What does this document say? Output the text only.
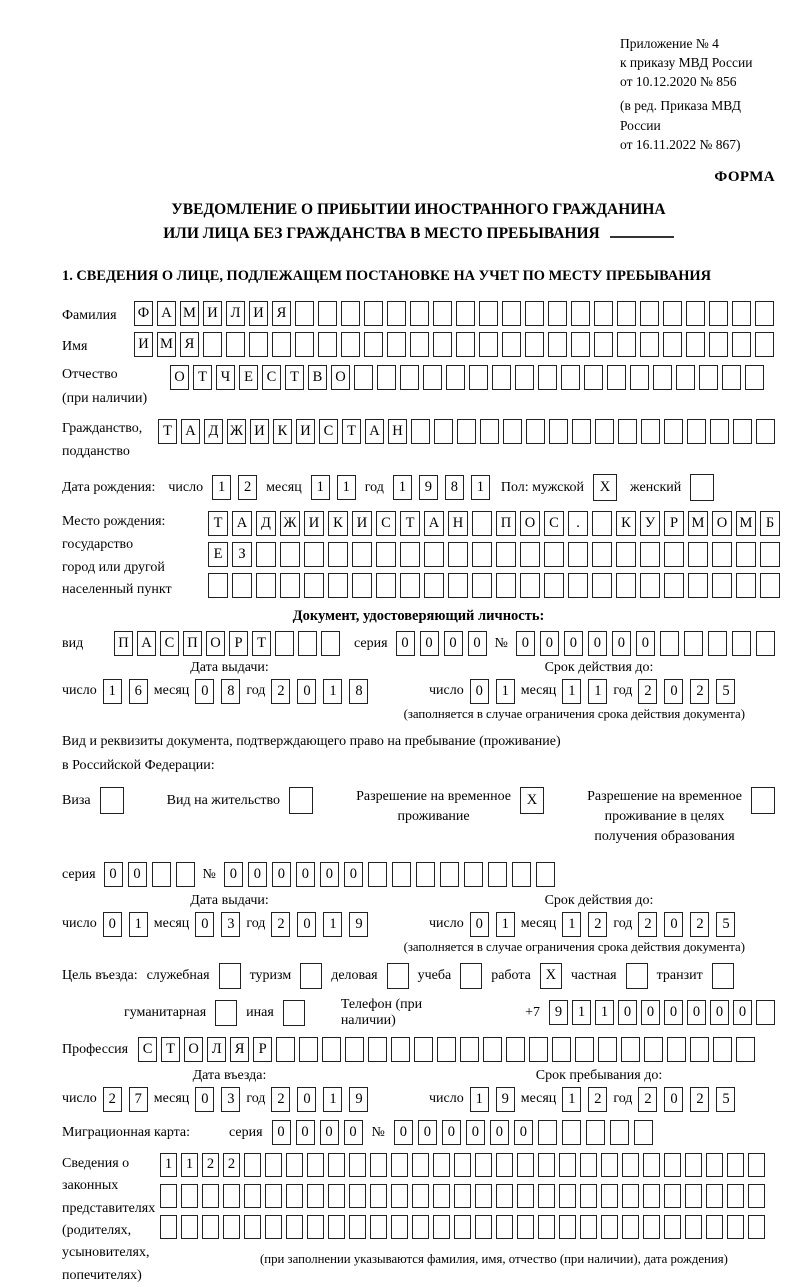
Приложение № 4
к приказу МВД России
от 10.12.2020 № 856
(в ред. Приказа МВД России
от 16.11.2022 № 867)
ФОРМА
УВЕДОМЛЕНИЕ О ПРИБЫТИИ ИНОСТРАННОГО ГРАЖДАНИНА
ИЛИ ЛИЦА БЕЗ ГРАЖДАНСТВА В МЕСТО ПРЕБЫВАНИЯ
1. СВЕДЕНИЯ О ЛИЦЕ, ПОДЛЕЖАЩЕМ ПОСТАНОВКЕ НА УЧЕТ ПО МЕСТУ ПРЕБЫВАНИЯ
Фамилия	Ф А М И Л И Я
Имя	И М Я
Отчество
(при наличии)
О Т Ч Е С Т В О
Гражданство,
подданство
Т А Д Ж И К И С Т А Н
Дата рождения: число	1	2	месяц	1	1	год	1	9	8	1	Пол: мужской	X	женский
Место рождения:
государство
город или другой
населенный пункт
Т А Д Ж И К И С	Т А Н	П О С	.	К У	Р М О М Б
Е	З
Документ, удостоверяющий личность:
вид	П А С П О Р	Т	серия 0	0	0	0 № 0	0	0	0	0	0
Дата выдачи:
число 1	6 месяц 0	8 год 2	0	1	8
Срок действия до:
число 0	1 месяц 1	1 год 2	0	2	5
(заполняется в случае ограничения срока действия документа)
Вид и реквизиты документа, подтверждающего право на пребывание (проживание)
в Российской Федерации:
Виза	Вид на жительство	Разрешение на временное
проживание
X	Разрешение на временное
проживание в целях
получения образования
серия 0	0	№ 0	0	0	0	0	0
Дата выдачи:
число 0	1 месяц 0	3 год 2	0	1	9
Срок действия до:
число 0	1 месяц 1	2 год 2	0	2	5
(заполняется в случае ограничения срока действия документа)
Цель въезда: служебная	туризм	деловая	учеба	работа	X	частная	транзит
гуманитарная	иная
Телефон (при наличии)
+7	9	1	1	0	0	0	0	0	0
Профессия	С Т О Л Я Р
Дата въезда:
число 2	7 месяц 0	3 год 2	0	1	9
Срок пребывания до:
число 1	9 месяц 1	2 год 2	0	2	5
Миграционная карта:	серия	0	0	0	0	№	0	0	0	0	0	0
Сведения о
законных
представителях
(родителях,
усыновителях,
попечителях)
1 1 2 2
(при заполнении указываются фамилия, имя, отчество (при наличии), дата рождения)
